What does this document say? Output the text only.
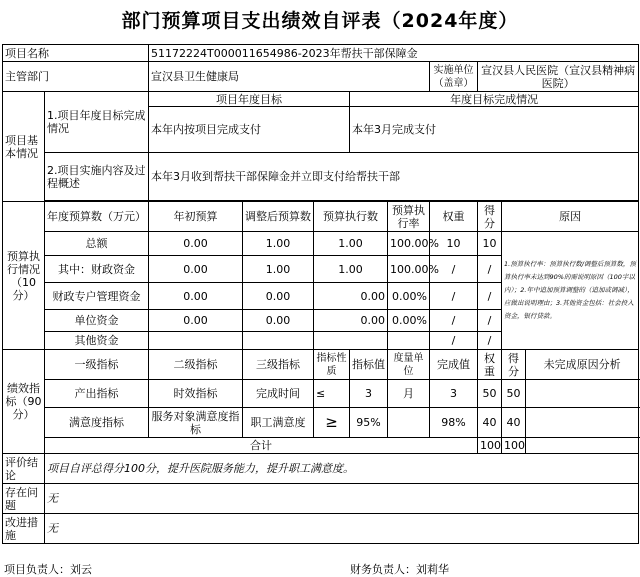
部门预算项目支出绩效自评表（2024年度）
项目名称		51172224T000011654986-2023年帮扶干部保障金								
主管部门		宣汉县卫生健康局					实施单位（盖章）	宣汉县人民医院（宣汉县精神病医院）		
项目基本情况	1.项目年度目标完成情况	项目年度目标			年度目标完成情况					
		本年内按项目完成支付			本年3月完成支付					
	2.项目实施内容及过程概述	本年3月收到帮扶干部保障金并立即支付给帮扶干部								

预算执行情况（10分）	年度预算数（万元）	年初预算	调整后预算数	预算执行数		预算执行率	权重	得分	原因	
	总额	0.00	1.00	1.00		100.00%	10	10	1.预算执行率：预算执行数/调整后预算数，预算执行率未达到90%的需说明原因（100字以内）；2.年中追加预算调整的（追加或调减），应做出说明理由；3.其他资金包括：社会投入资金，银行贷款。	
	其中：财政资金	0.00	1.00	1.00		100.00%	/	/		
	财政专户管理资金	0.00	0.00	0.00		0.00%	/	/		
	单位资金	0.00	0.00	0.00		0.00%	/	/		
	其他资金						/	/		
绩效指标（90分）	一级指标	二级指标	三级指标	指标性质	指标值	度量单位	完成值	权重	得分	未完成原因分析
	产出指标	时效指标	完成时间	≤	3	月	3	50	50	
	满意度指标	服务对象满意度指标	职工满意度	≥	95%		98%	40	40	
	合计							100	100	
评价结论	项目自评总得分100分，提升医院服务能力，提升职工满意度。									
存在问题	无									
改进措施	无									
项目负责人：刘云	财务负责人：刘莉华
